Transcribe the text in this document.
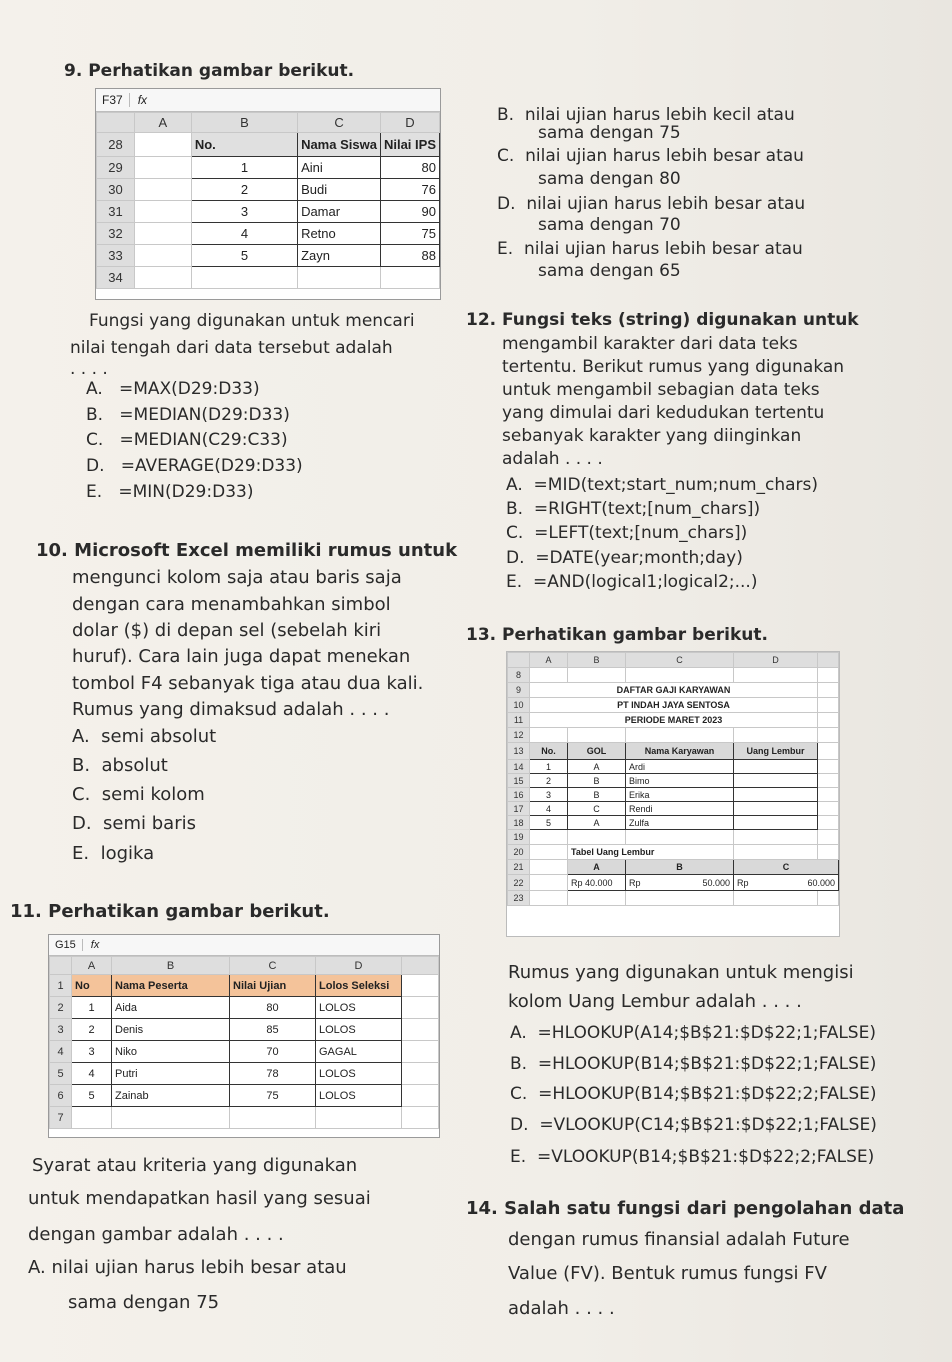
9. Perhatikan gambar berikut.
F37	fx
	A	B	C	D
28		No.	Nama Siswa	Nilai IPS
29		1	Aini	80
30		2	Budi	76
31		3	Damar	90
32		4	Retno	75
33		5	Zayn	88
34				
Fungsi yang digunakan untuk mencari
nilai tengah dari data tersebut adalah
. . . .
A. =MAX(D29:D33)
B. =MEDIAN(D29:D33)
C. =MEDIAN(C29:C33)
D. =AVERAGE(D29:D33)
E. =MIN(D29:D33)
10. Microsoft Excel memiliki rumus untuk
mengunci kolom saja atau baris saja
dengan cara menambahkan simbol
dolar ($) di depan sel (sebelah kiri
huruf). Cara lain juga dapat menekan
tombol F4 sebanyak tiga atau dua kali.
Rumus yang dimaksud adalah . . . .
A. semi absolut
B. absolut
C. semi kolom
D. semi baris
E. logika
11. Perhatikan gambar berikut.
G15	fx
	A	B	C	D	
1	No	Nama Peserta	Nilai Ujian	Lolos Seleksi	
2	1	Aida	80	LOLOS	
3	2	Denis	85	LOLOS	
4	3	Niko	70	GAGAL	
5	4	Putri	78	LOLOS	
6	5	Zainab	75	LOLOS	
7					
Syarat atau kriteria yang digunakan
untuk mendapatkan hasil yang sesuai
dengan gambar adalah . . . .
A. nilai ujian harus lebih besar atau
sama dengan 75
B. nilai ujian harus lebih kecil atau
sama dengan 75
C. nilai ujian harus lebih besar atau
sama dengan 80
D. nilai ujian harus lebih besar atau
sama dengan 70
E. nilai ujian harus lebih besar atau
sama dengan 65
12. Fungsi teks (string) digunakan untuk
mengambil karakter dari data teks
tertentu. Berikut rumus yang digunakan
untuk mengambil sebagian data teks
yang dimulai dari kedudukan tertentu
sebanyak karakter yang diinginkan
adalah . . . .
A. =MID(text;start_num;num_chars)
B. =RIGHT(text;[num_chars])
C. =LEFT(text;[num_chars])
D. =DATE(year;month;day)
E. =AND(logical1;logical2;...)
13. Perhatikan gambar berikut.
	A	B	C	D	
8					
9	DAFTAR GAJI KARYAWAN				
10	PT INDAH JAYA SENTOSA				
11	PERIODE MARET 2023				
12					
13	No.	GOL	Nama Karyawan	Uang Lembur	
14	1	A	Ardi		
15	2	B	Bimo		
16	3	B	Erika		
17	4	C	Rendi		
18	5	A	Zulfa		
19					
20		Tabel Uang Lembur			
21		A	B	C	
22		Rp 40.000	Rp 50.000	Rp 60.000	

23					
Rumus yang digunakan untuk mengisi
kolom Uang Lembur adalah . . . .
A. =HLOOKUP(A14;$B$21:$D$22;1;FALSE)
B. =HLOOKUP(B14;$B$21:$D$22;1;FALSE)
C. =HLOOKUP(B14;$B$21:$D$22;2;FALSE)
D. =VLOOKUP(C14;$B$21:$D$22;1;FALSE)
E. =VLOOKUP(B14;$B$21:$D$22;2;FALSE)
14. Salah satu fungsi dari pengolahan data
dengan rumus finansial adalah Future
Value (FV). Bentuk rumus fungsi FV
adalah . . . .
